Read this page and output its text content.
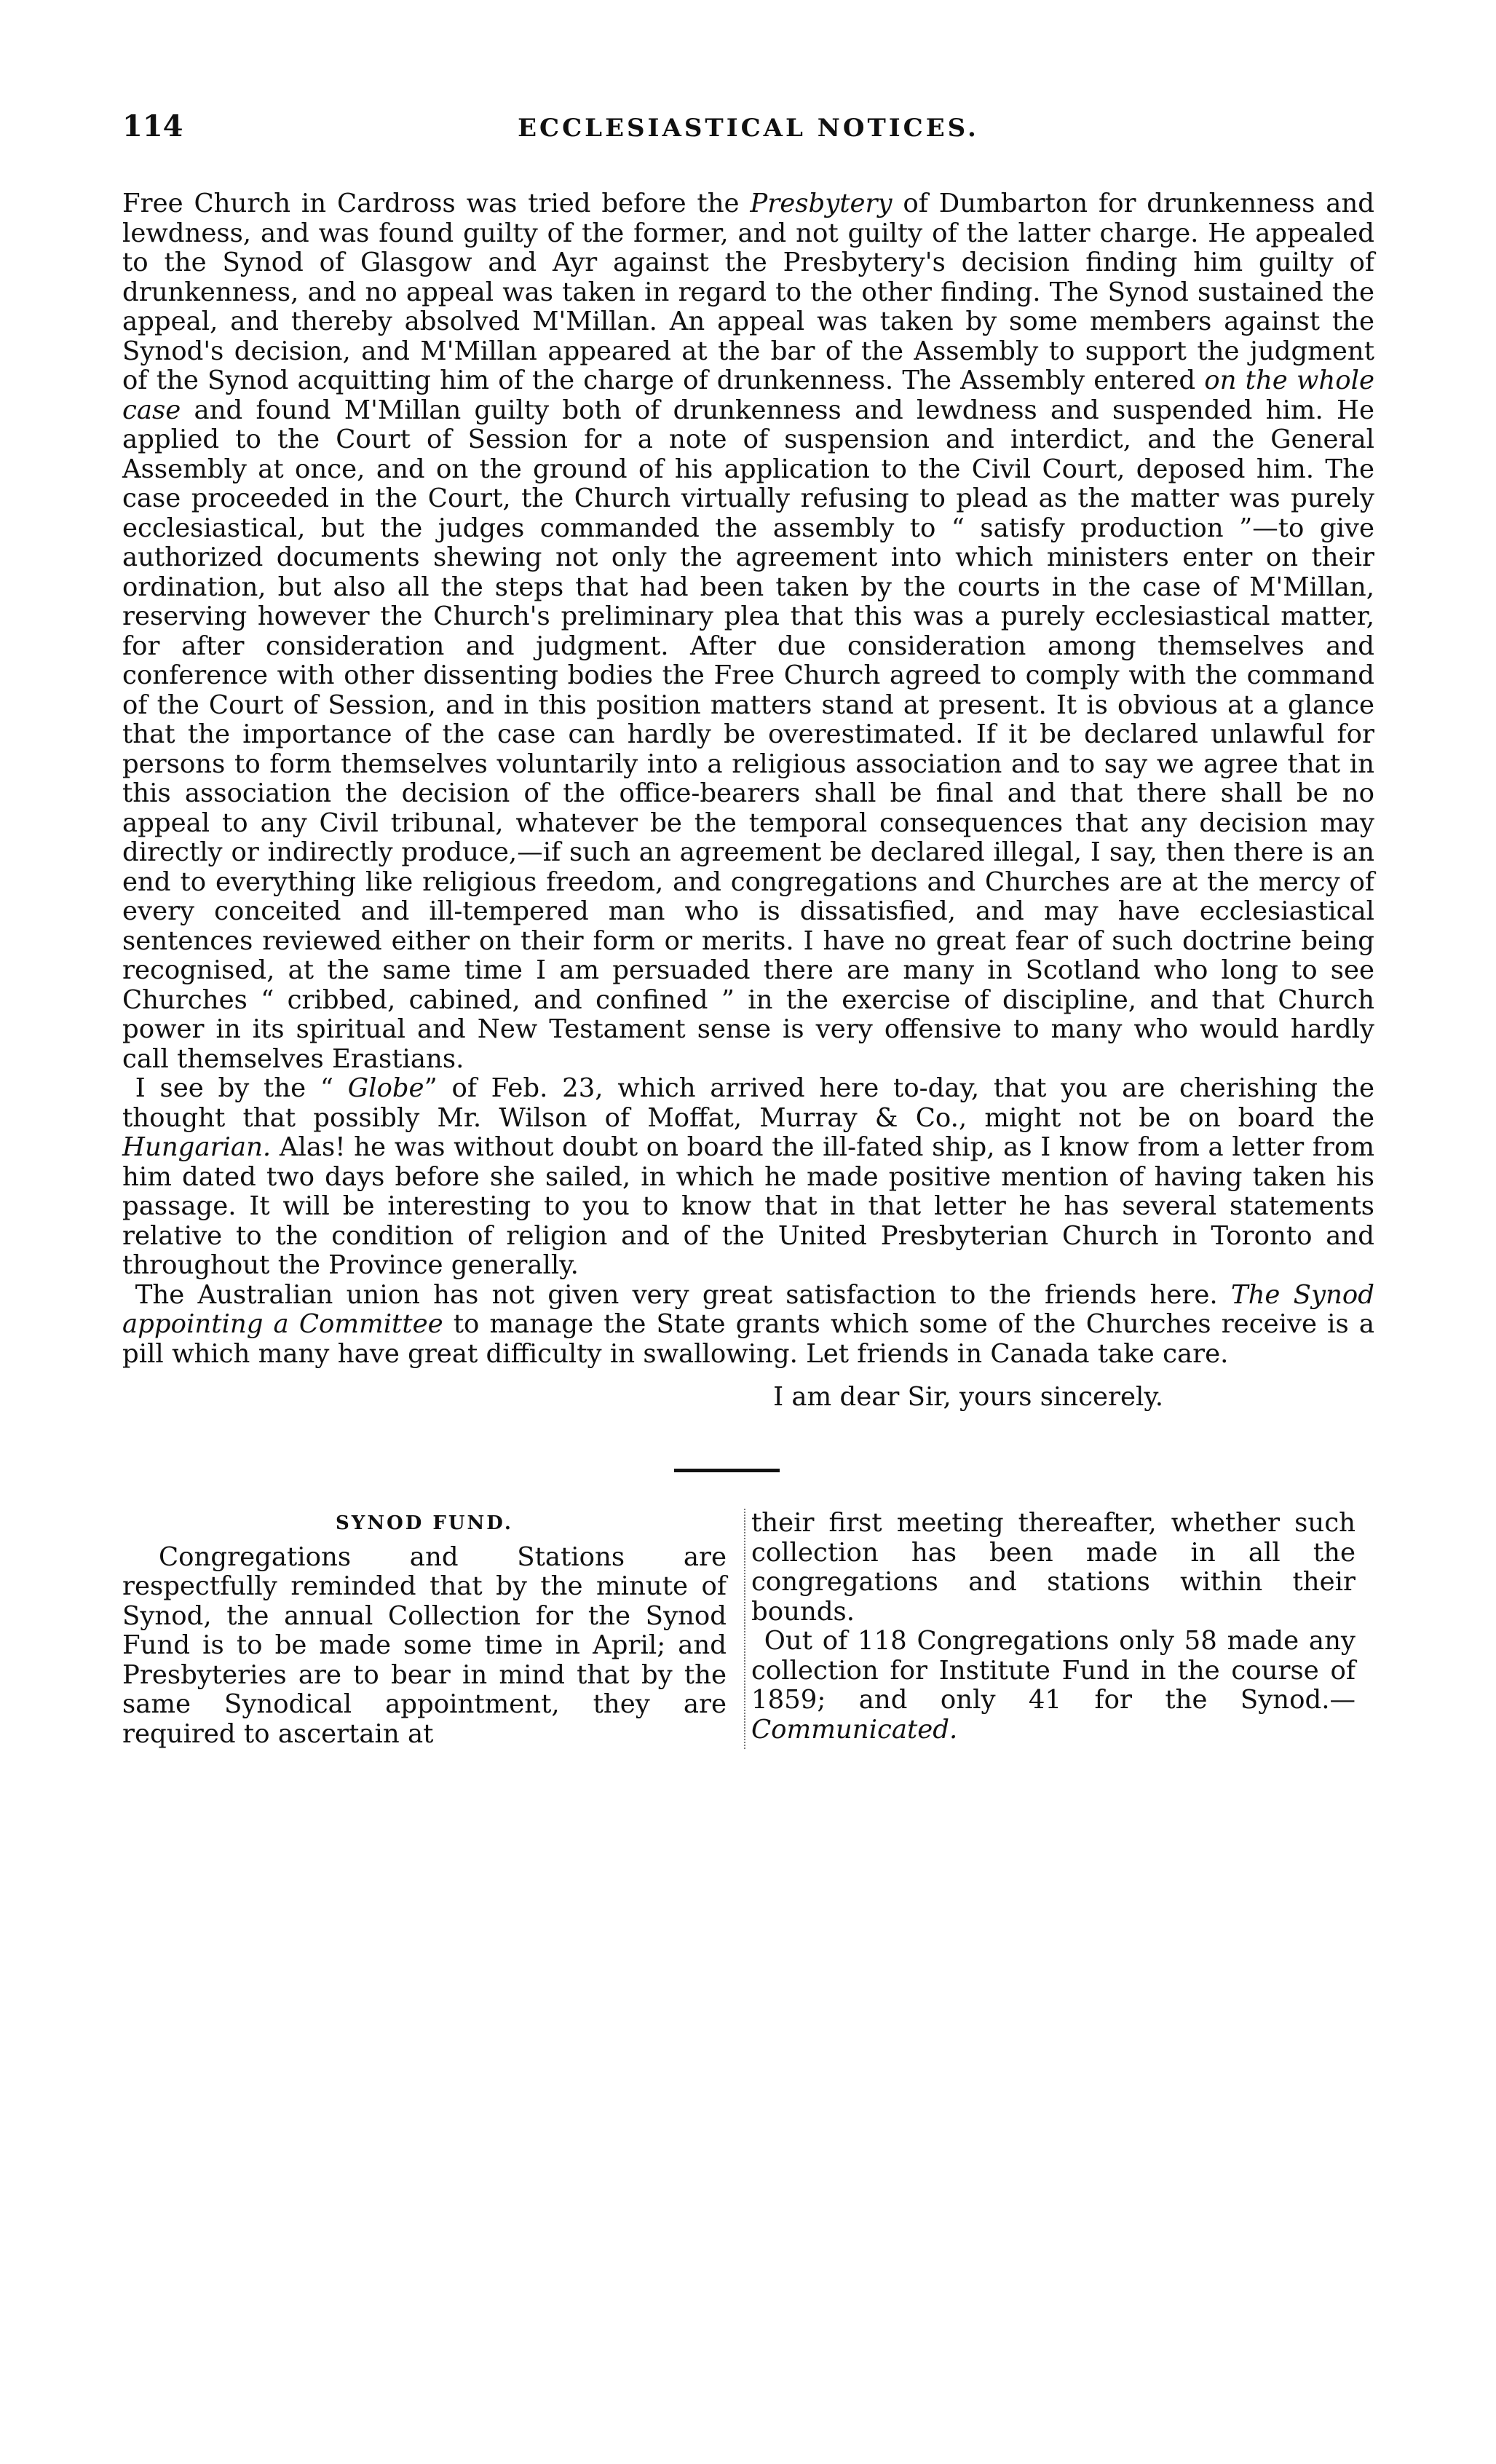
114	ECCLESIASTICAL NOTICES.

Free Church in Cardross was tried before the Presbytery of Dumbarton for drunkenness and lewdness, and was found guilty of the former, and not guilty of the latter charge. He appealed to the Synod of Glasgow and Ayr against the Presbytery's decision finding him guilty of drunkenness, and no appeal was taken in regard to the other finding. The Synod sustained the appeal, and thereby absolved M'Millan. An appeal was taken by some members against the Synod's decision, and M'Millan appeared at the bar of the Assembly to support the judgment of the Synod acquitting him of the charge of drunkenness. The Assembly entered on the whole case and found M'Millan guilty both of drunkenness and lewdness and suspended him. He applied to the Court of Session for a note of suspension and interdict, and the General Assembly at once, and on the ground of his application to the Civil Court, deposed him. The case proceeded in the Court, the Church virtually refusing to plead as the matter was purely ecclesiastical, but the judges commanded the assembly to “ satisfy production ”—to give authorized documents shewing not only the agreement into which ministers enter on their ordination, but also all the steps that had been taken by the courts in the case of M'Millan, reserving however the Church's preliminary plea that this was a purely ecclesiastical matter, for after consideration and judgment. After due consideration among themselves and conference with other dissenting bodies the Free Church agreed to comply with the command of the Court of Session, and in this position matters stand at present. It is obvious at a glance that the importance of the case can hardly be overestimated. If it be declared unlawful for persons to form themselves voluntarily into a religious association and to say we agree that in this association the decision of the office-bearers shall be final and that there shall be no appeal to any Civil tribunal, whatever be the temporal consequences that any decision may directly or indirectly produce,—if such an agreement be declared illegal, I say, then there is an end to everything like religious freedom, and congregations and Churches are at the mercy of every conceited and ill-tempered man who is dissatisfied, and may have ecclesiastical sentences reviewed either on their form or merits. I have no great fear of such doctrine being recognised, at the same time I am persuaded there are many in Scotland who long to see Churches “ cribbed, cabined, and confined ” in the exercise of discipline, and that Church power in its spiritual and New Testament sense is very offensive to many who would hardly call themselves Erastians.

 I see by the “ Globe” of Feb. 23, which arrived here to-day, that you are cherishing the thought that possibly Mr. Wilson of Moffat, Murray & Co., might not be on board the Hungarian. Alas! he was without doubt on board the ill-fated ship, as I know from a letter from him dated two days before she sailed, in which he made positive mention of having taken his passage. It will be interesting to you to know that in that letter he has several statements relative to the condition of religion and of the United Presbyterian Church in Toronto and throughout the Province generally.

 The Australian union has not given very great satisfaction to the friends here. The Synod appointing a Committee to manage the State grants which some of the Churches receive is a pill which many have great difficulty in swallowing. Let friends in Canada take care.

I am dear Sir, yours sincerely.
SYNOD FUND.

Congregations and Stations are respectfully reminded that by the minute of Synod, the annual Collection for the Synod Fund is to be made some time in April; and Presbyteries are to bear in mind that by the same Synodical appointment, they are required to ascertain at

their first meeting thereafter, whether such collection has been made in all the congregations and stations within their bounds.

 Out of 118 Congregations only 58 made any collection for Institute Fund in the course of 1859; and only 41 for the Synod.—Communicated.
